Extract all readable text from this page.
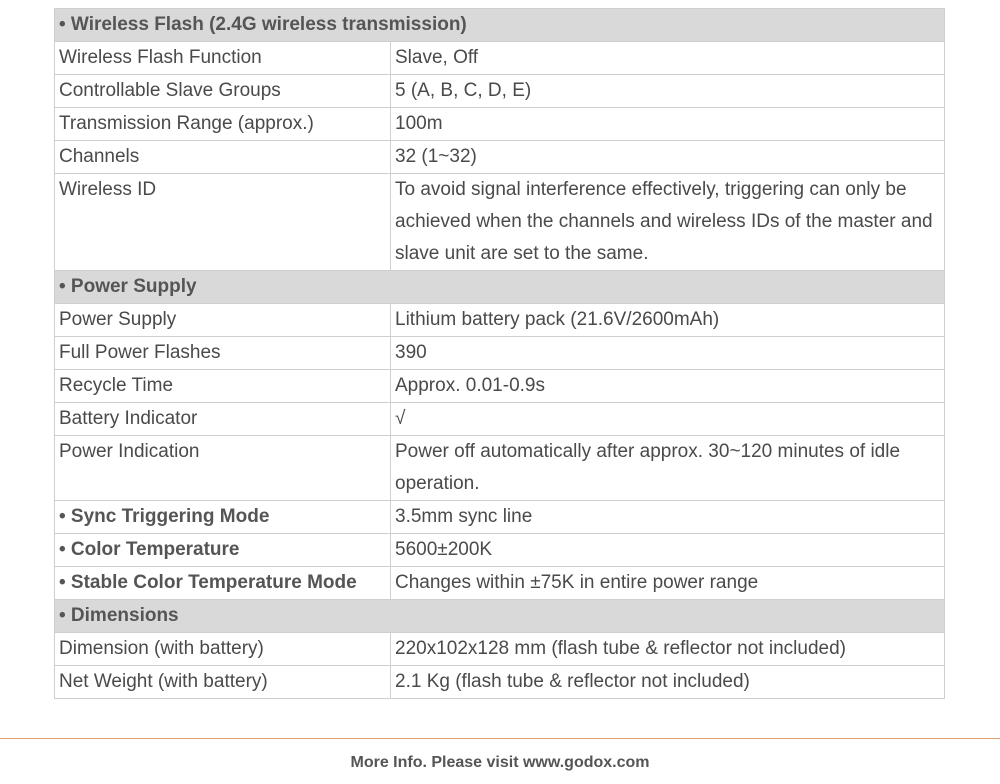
• Wireless Flash (2.4G wireless transmission)	
Wireless Flash Function	Slave, Off
Controllable Slave Groups	5 (A, B, C, D, E)
Transmission Range (approx.)	100m
Channels	32 (1~32)
Wireless ID	To avoid signal interference effectively, triggering can only be achieved when the channels and wireless IDs of the master and slave unit are set to the same.
• Power Supply	
Power Supply	Lithium battery pack (21.6V/2600mAh)
Full Power Flashes	390
Recycle Time	Approx. 0.01-0.9s
Battery Indicator	√
Power Indication	Power off automatically after approx. 30~120 minutes of idle operation.
• Sync Triggering Mode	3.5mm sync line
• Color Temperature	5600±200K
• Stable Color Temperature Mode	Changes within ±75K in entire power range
• Dimensions	
Dimension (with battery)	220x102x128 mm (flash tube & reflector not included)
Net Weight (with battery)	2.1 Kg (flash tube & reflector not included)
More Info. Please visit www.godox.com
